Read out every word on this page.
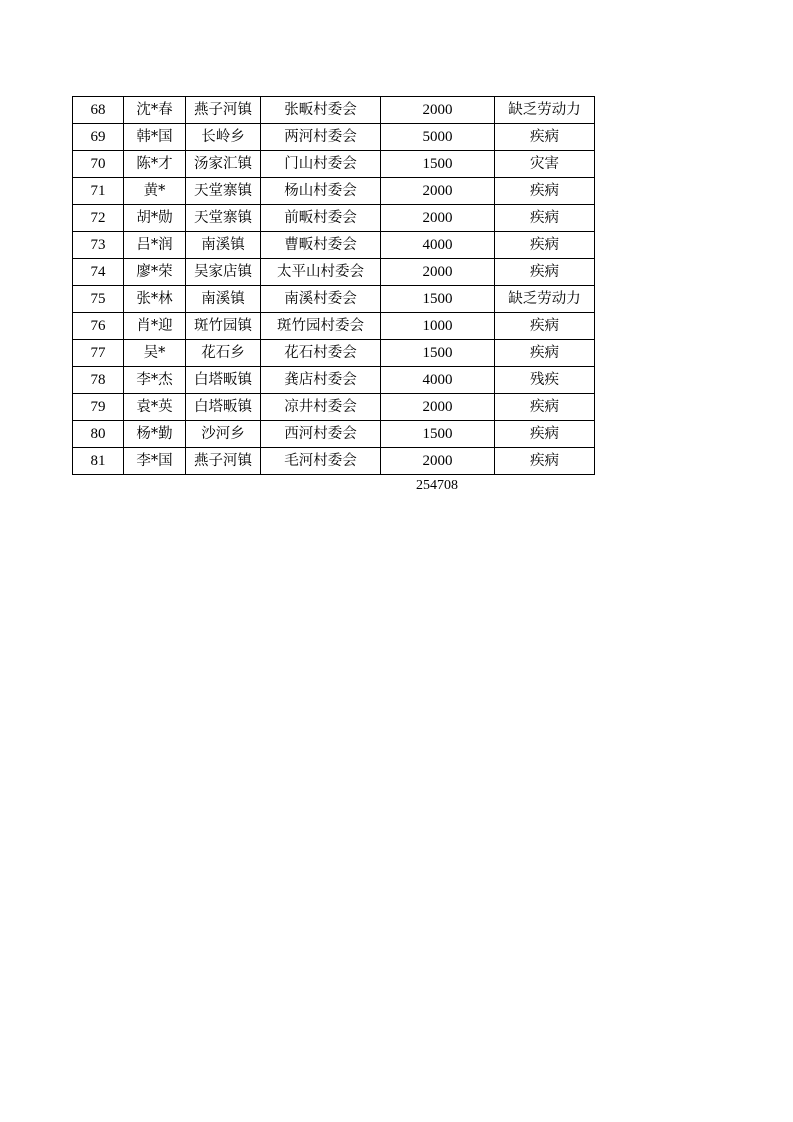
68	沈*春	燕子河镇	张畈村委会	2000	缺乏劳动力
69	韩*国	长岭乡	两河村委会	5000	疾病
70	陈*才	汤家汇镇	门山村委会	1500	灾害
71	黄*	天堂寨镇	杨山村委会	2000	疾病
72	胡*勋	天堂寨镇	前畈村委会	2000	疾病
73	吕*润	南溪镇	曹畈村委会	4000	疾病
74	廖*荣	吴家店镇	太平山村委会	2000	疾病
75	张*林	南溪镇	南溪村委会	1500	缺乏劳动力
76	肖*迎	斑竹园镇	斑竹园村委会	1000	疾病
77	吴*	花石乡	花石村委会	1500	疾病
78	李*杰	白塔畈镇	龚店村委会	4000	残疾
79	袁*英	白塔畈镇	凉井村委会	2000	疾病
80	杨*勤	沙河乡	西河村委会	1500	疾病
81	李*国	燕子河镇	毛河村委会	2000	疾病
254708
